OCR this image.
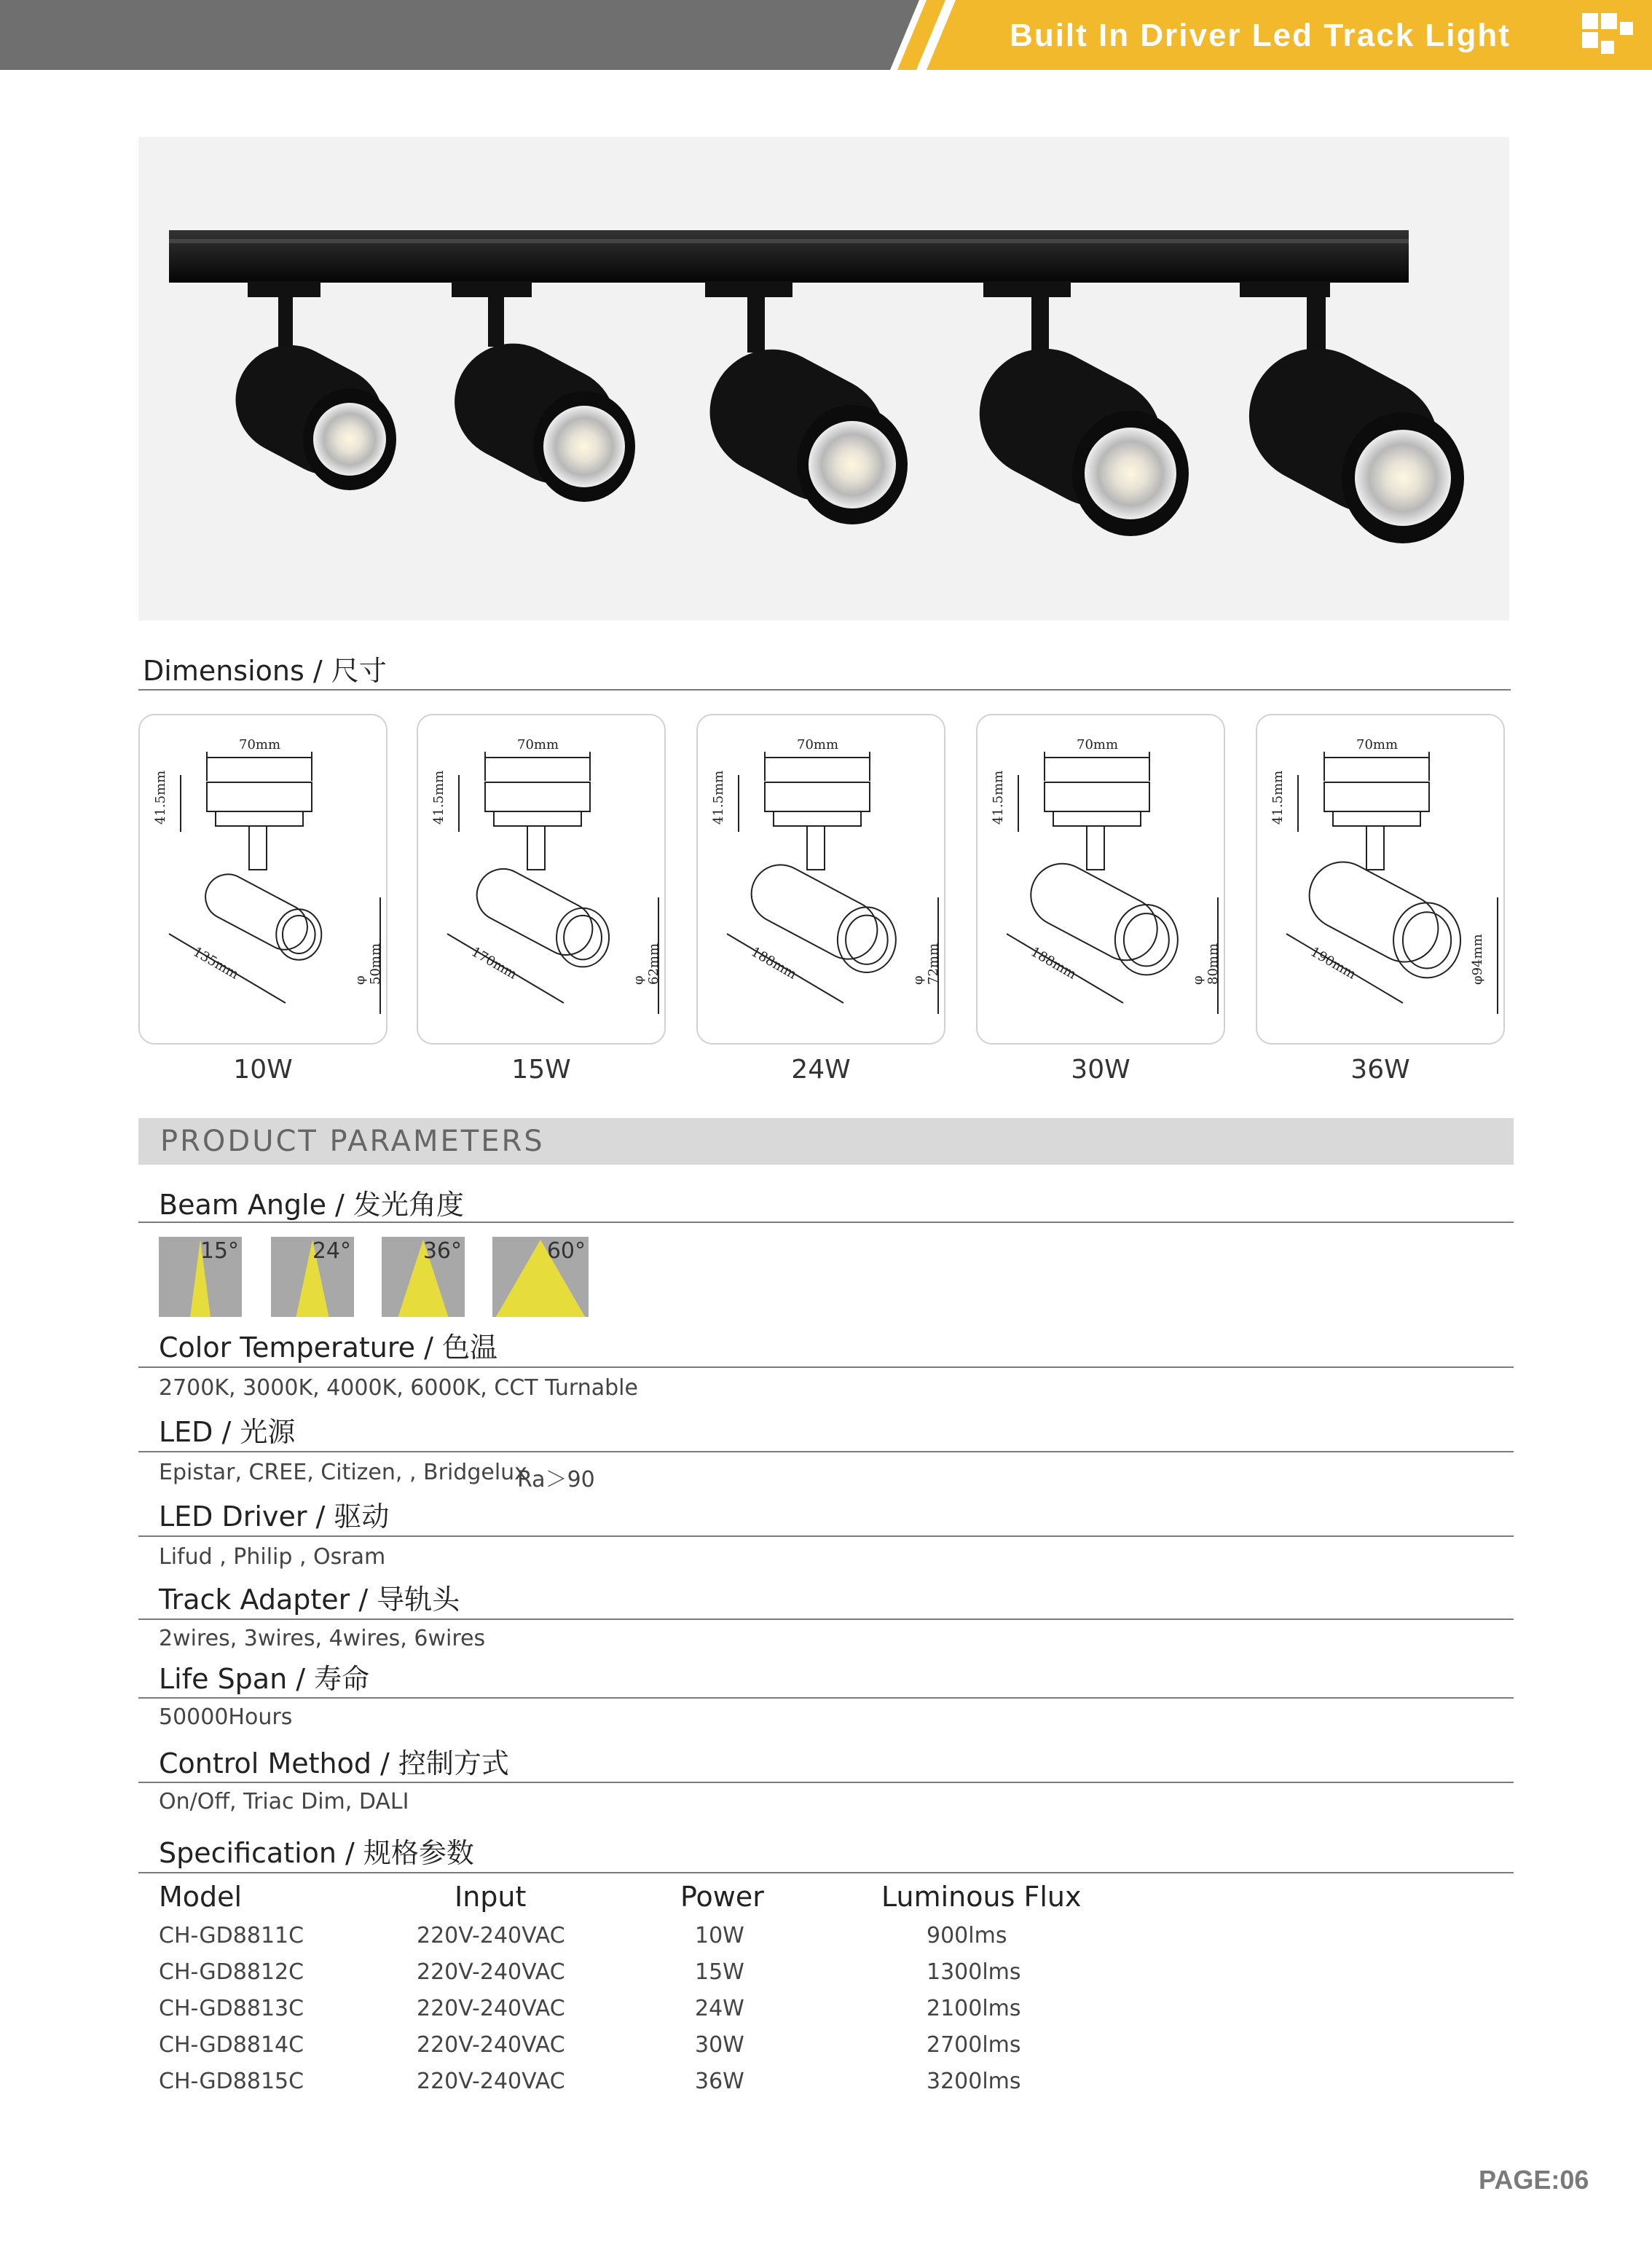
Built In Driver Led Track Light
Dimensions / 尺寸
70mm
41.5mm
135mm	φ 50mm
10W
70mm
41.5mm
170mm	φ 62mm
15W
70mm
41.5mm
188mm	φ 72mm
24W
70mm
41.5mm
188mm	φ 80mm
30W
70mm
41.5mm
190mm	φ94mm
36W
PRODUCT PARAMETERS
Beam Angle / 发光角度
15°	24°	36°	60°
Color Temperature / 色温
2700K, 3000K, 4000K, 6000K, CCT Turnable
LED / 光源
Epistar, CREE, Citizen, , Bridgelux
Ra＞90
LED Driver / 驱动
Lifud , Philip , Osram
Track Adapter / 导轨头
2wires, 3wires, 4wires, 6wires
Life Span / 寿命
50000Hours
Control Method / 控制方式
On/Off, Triac Dim, DALI
Specification / 规格参数
Model	Input	Power	Luminous Flux
CH-GD8811C	220V-240VAC	10W	900lms
CH-GD8812C	220V-240VAC	15W	1300lms
CH-GD8813C	220V-240VAC	24W	2100lms
CH-GD8814C	220V-240VAC	30W	2700lms
CH-GD8815C	220V-240VAC	36W	3200lms
PAGE:06
